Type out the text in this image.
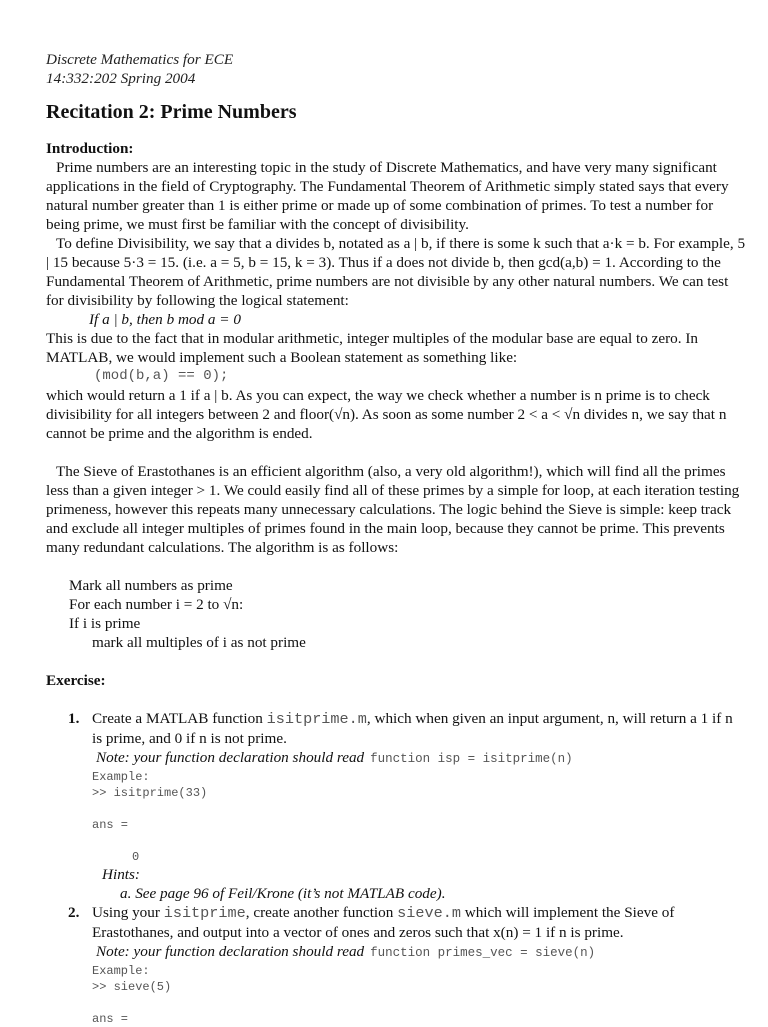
Discrete Mathematics for ECE
14:332:202 Spring 2004
Recitation 2: Prime Numbers
Introduction:

Prime numbers are an interesting topic in the study of Discrete Mathematics, and have very many significant applications in the field of Cryptography. The Fundamental Theorem of Arithmetic simply stated says that every natural number greater than 1 is either prime or made up of some combination of primes. To test a number for being prime, we must first be familiar with the concept of divisibility.

To define Divisibility, we say that a divides b, notated as a | b, if there is some k such that a·k = b. For example, 5 | 15 because 5·3 = 15. (i.e. a = 5, b = 15, k = 3). Thus if a does not divide b, then gcd(a,b) = 1. According to the Fundamental Theorem of Arithmetic, prime numbers are not divisible by any other natural numbers. We can test for divisibility by following the logical statement:

If a | b, then b mod a = 0

This is due to the fact that in modular arithmetic, integer multiples of the modular base are equal to zero. In MATLAB, we would implement such a Boolean statement as something like:

(mod(b,a) == 0);

which would return a 1 if a | b. As you can expect, the way we check whether a number is n prime is to check divisibility for all integers between 2 and floor(√n). As soon as some number 2 < a < √n divides n, we say that n cannot be prime and the algorithm is ended.

The Sieve of Erastothanes is an efficient algorithm (also, a very old algorithm!), which will find all the primes less than a given integer > 1. We could easily find all of these primes by a simple for loop, at each iteration testing primeness, however this repeats many unnecessary calculations. The logic behind the Sieve is simple: keep track and exclude all integer multiples of primes found in the main loop, because they cannot be prime. This prevents many redundant calculations. The algorithm is as follows:

Mark all numbers as prime
For each number i = 2 to √n:
If i is prime
mark all multiples of i as not prime
Exercise:
1. Create a MATLAB function isitprime.m, which when given an input argument, n, will return a 1 if n is prime, and 0 if n is not prime.
Note: your function declaration should read function isp = isitprime(n)
Example:
>> isitprime(33)
ans =
0
Hints:
a. See page 96 of Feil/Krone (it’s not MATLAB code).
2. Using your isitprime, create another function sieve.m which will implement the Sieve of Erastothanes, and output into a vector of ones and zeros such that x(n) = 1 if n is prime.
Note: your function declaration should read function primes_vec = sieve(n)
Example:
>> sieve(5)
ans =
